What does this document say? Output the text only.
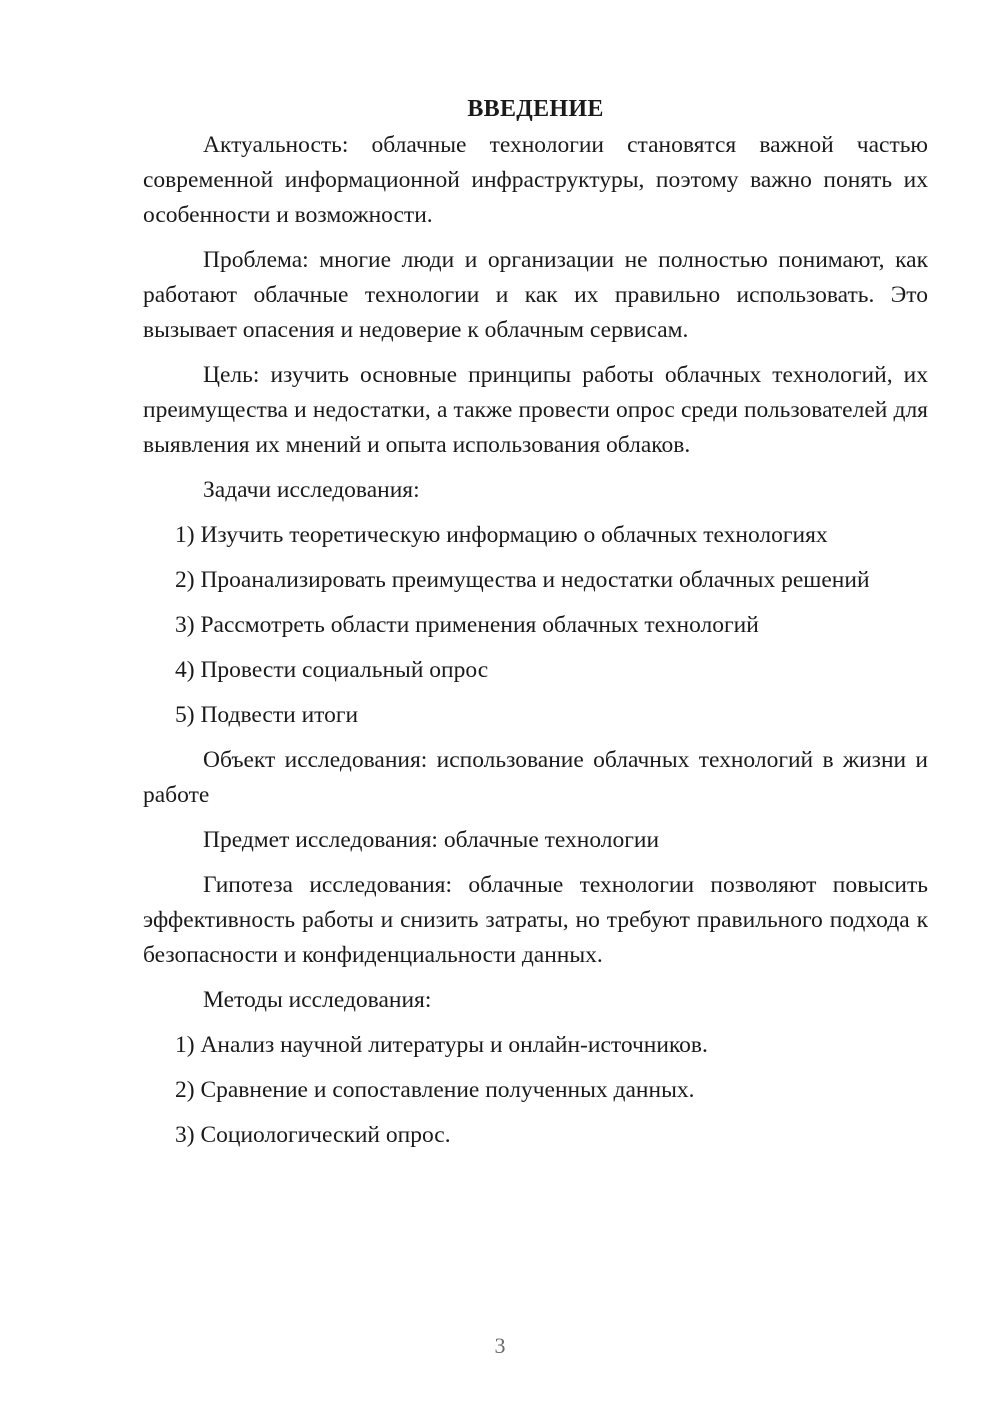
ВВЕДЕНИЕ

Актуальность: облачные технологии становятся важной частью современной информационной инфраструктуры, поэтому важно понять их особенности и возможности.

Проблема: многие люди и организации не полностью понимают, как работают облачные технологии и как их правильно использовать. Это вызывает опасения и недоверие к облачным сервисам.

Цель: изучить основные принципы работы облачных технологий, их преимущества и недостатки, а также провести опрос среди пользователей для выявления их мнений и опыта использования облаков.

Задачи исследования:

1) Изучить теоретическую информацию о облачных технологиях
2) Проанализировать преимущества и недостатки облачных решений
3) Рассмотреть области применения облачных технологий
4) Провести социальный опрос
5) Подвести итоги

Объект исследования: использование облачных технологий в жизни и работе

Предмет исследования: облачные технологии

Гипотеза исследования: облачные технологии позволяют повысить эффективность работы и снизить затраты, но требуют правильного подхода к безопасности и конфиденциальности данных.

Методы исследования:

1) Анализ научной литературы и онлайн-источников.
2) Сравнение и сопоставление полученных данных.
3) Социологический опрос.
3
